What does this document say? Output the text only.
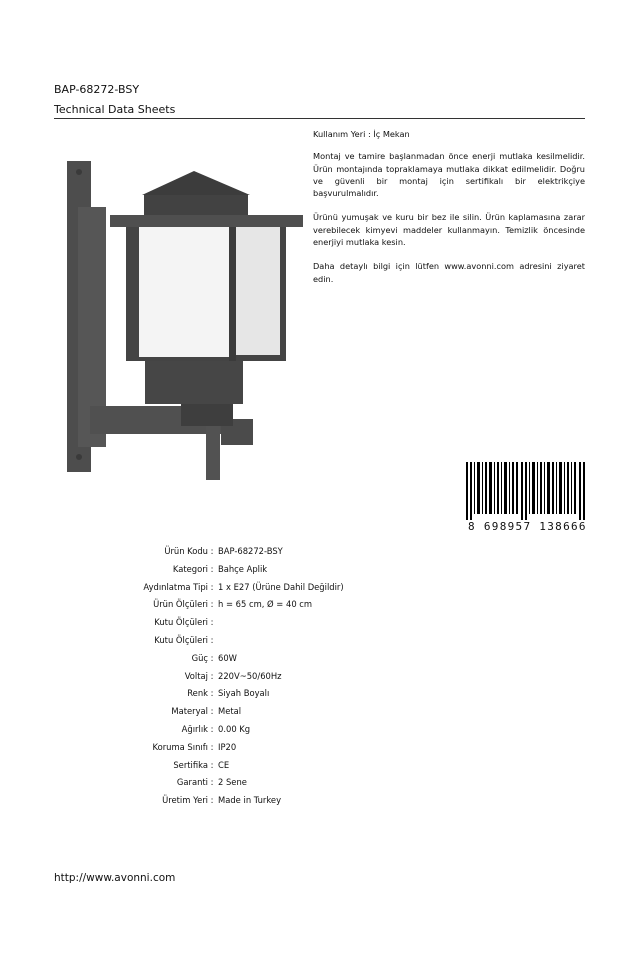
BAP-68272-BSY
Technical Data Sheets

Kullanım Yeri : İç Mekan

Montaj ve tamire başlanmadan önce enerji mutlaka kesilmelidir. Ürün montajında topraklamaya mutlaka dikkat edilmelidir. Doğru ve güvenli bir montaj için sertifikalı bir elektrikçiye başvurulmalıdır.

Ürünü yumuşak ve kuru bir bez ile silin. Ürün kaplamasına zarar verebilecek kimyevi maddeler kullanmayın. Temizlik öncesinde enerjiyi mutlaka kesin.

Daha detaylı bilgi için lütfen www.avonni.com adresini ziyaret edin.

8 698957 138666
Ürün Kodu : BAP-68272-BSY
Kategori : Bahçe Aplik
Aydınlatma Tipi : 1 x E27 (Ürüne Dahil Değildir)
Ürün Ölçüleri : h = 65 cm, Ø = 40 cm
Kutu Ölçüleri :
Kutu Ölçüleri :
Güç : 60W
Voltaj : 220V~50/60Hz
Renk : Siyah Boyalı
Materyal : Metal
Ağırlık : 0.00 Kg
Koruma Sınıfı : IP20
Sertifika : CE
Garanti : 2 Sene
Üretim Yeri : Made in Turkey
http://www.avonni.com
